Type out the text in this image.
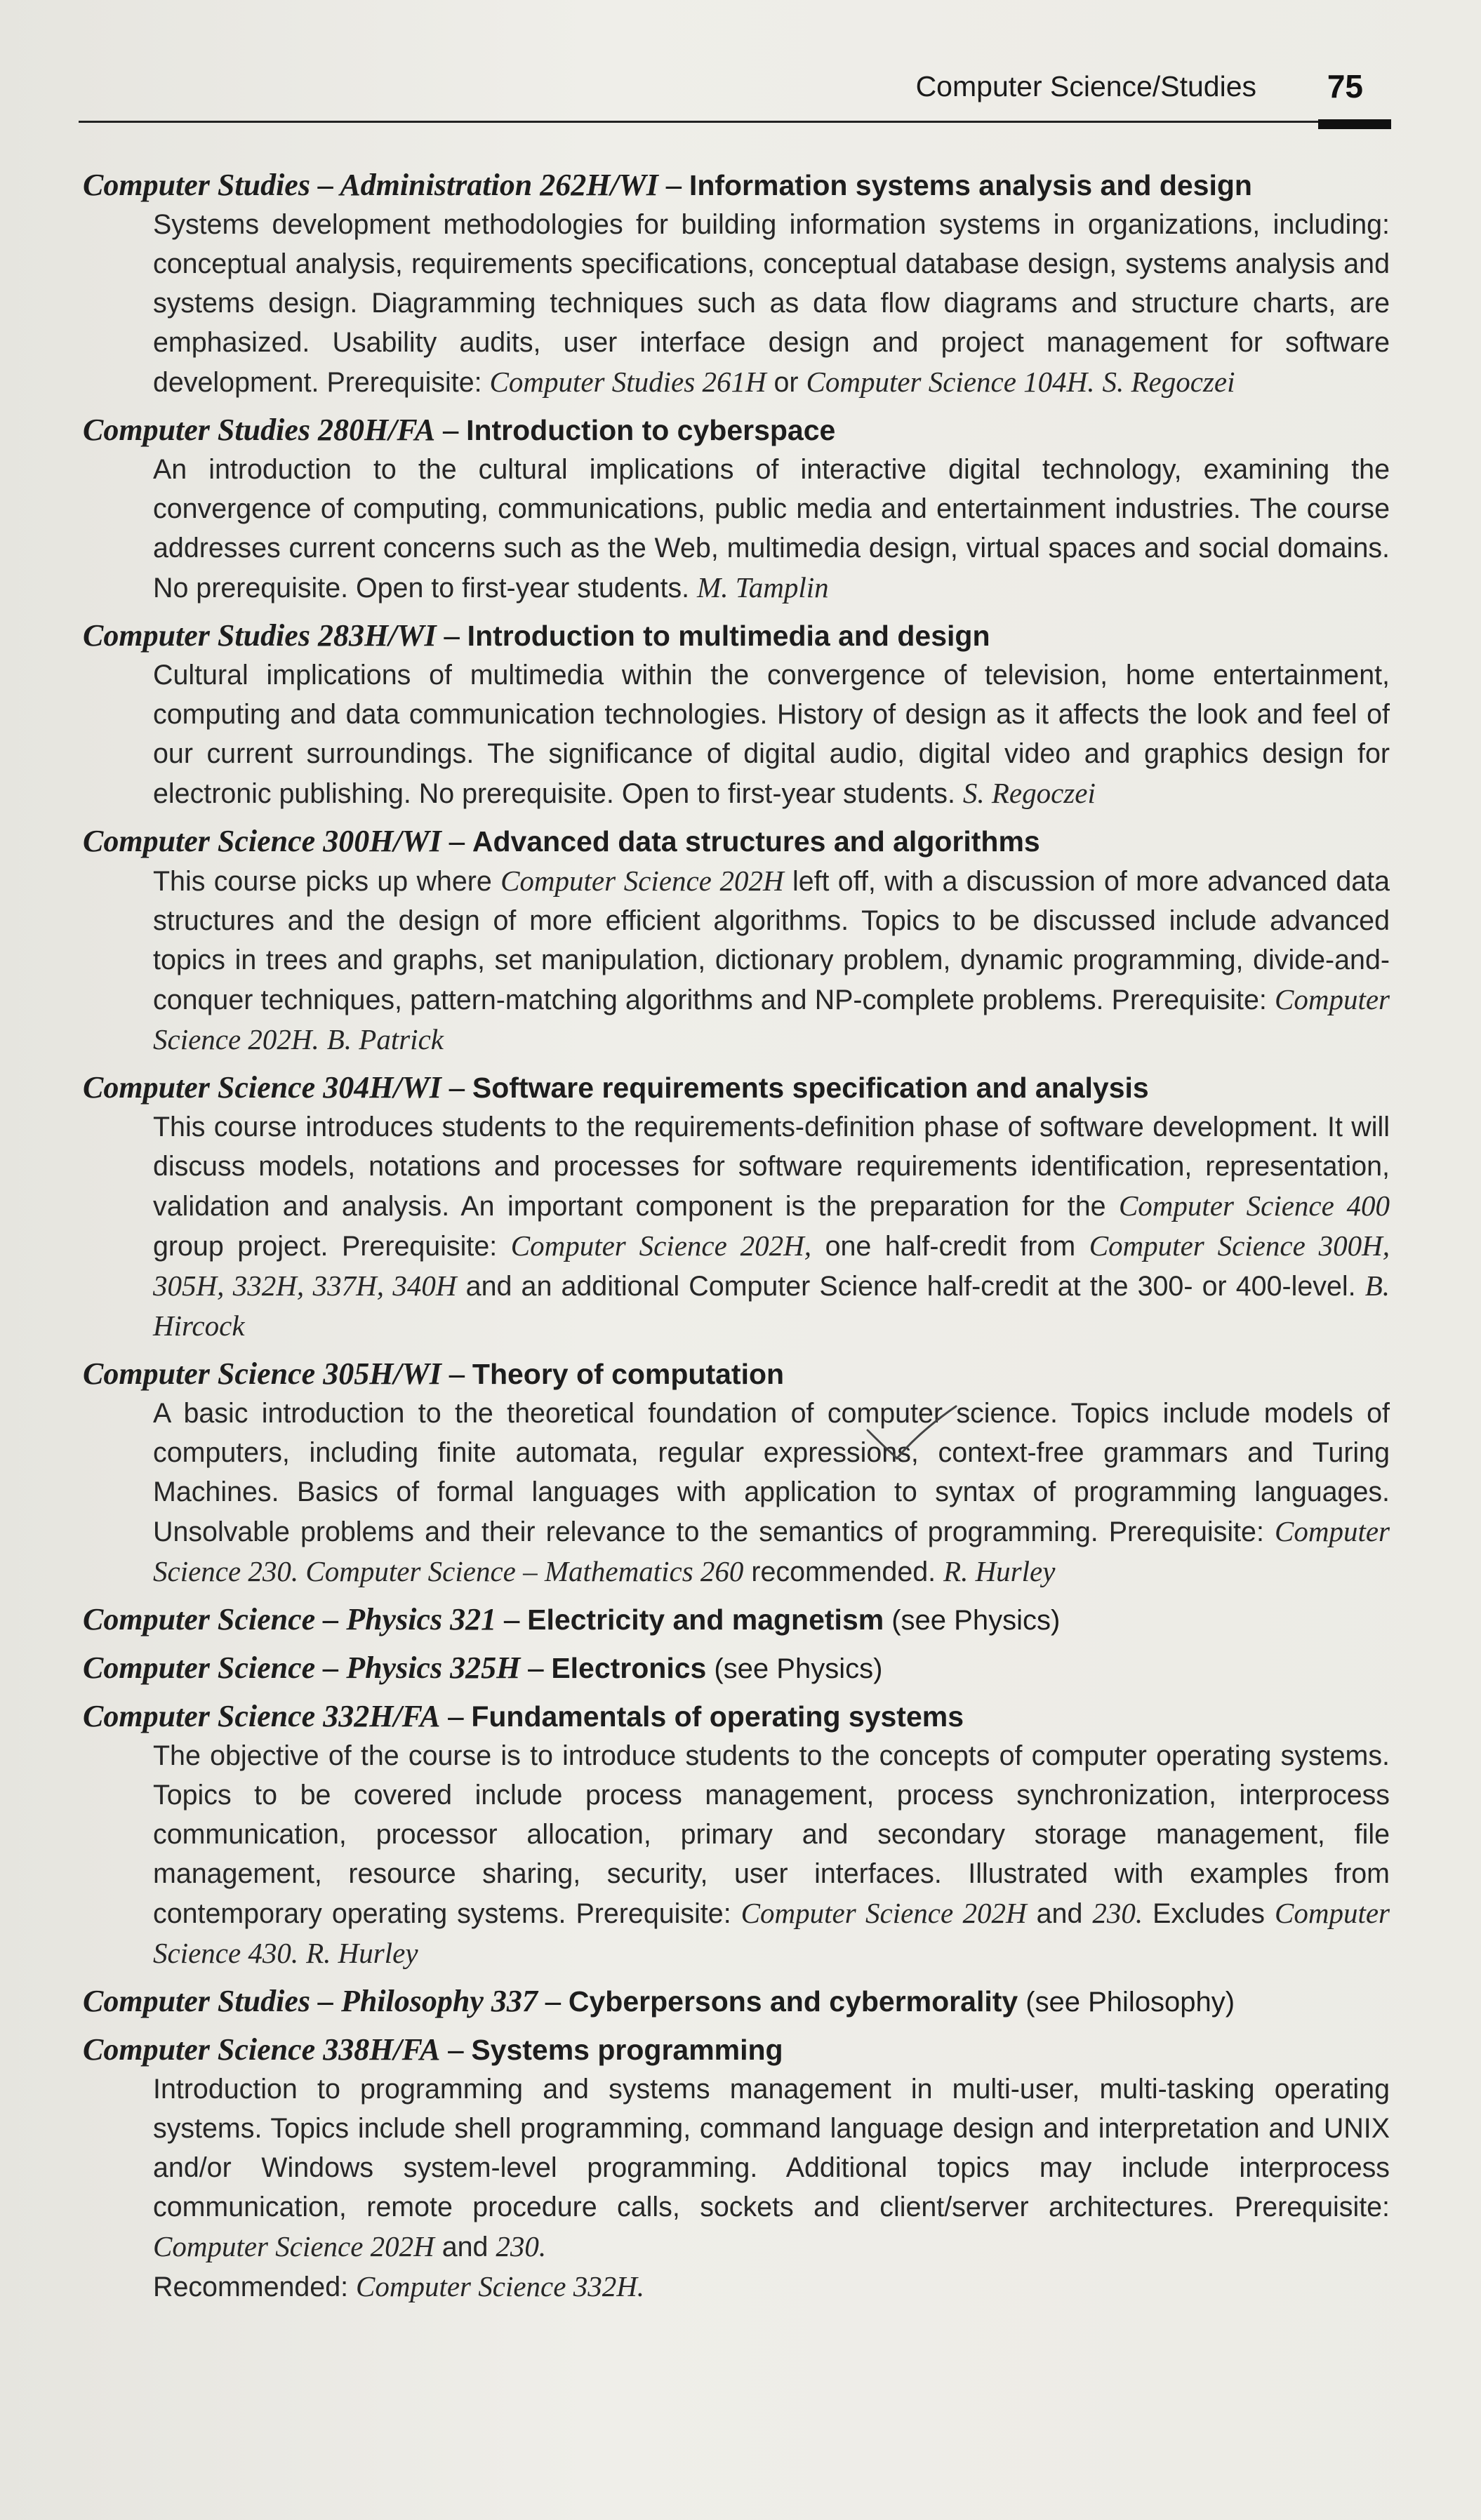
Computer Science/Studies 75
Computer Studies – Administration 262H/WI – Information systems analysis and design
Systems development methodologies for building information systems in organizations, including: conceptual analysis, requirements specifications, conceptual database design, systems analysis and systems design. Diagramming techniques such as data flow diagrams and structure charts, are emphasized. Usability audits, user interface design and project management for software development. Prerequisite: Computer Studies 261H or Computer Science 104H. S. Regoczei
Computer Studies 280H/FA – Introduction to cyberspace
An introduction to the cultural implications of interactive digital technology, examining the convergence of computing, communications, public media and entertainment industries. The course addresses current concerns such as the Web, multimedia design, virtual spaces and social domains. No prerequisite. Open to first-year students. M. Tamplin
Computer Studies 283H/WI – Introduction to multimedia and design
Cultural implications of multimedia within the convergence of television, home entertainment, computing and data communication technologies. History of design as it affects the look and feel of our current surroundings. The significance of digital audio, digital video and graphics design for electronic publishing. No prerequisite. Open to first-year students. S. Regoczei
Computer Science 300H/WI – Advanced data structures and algorithms
This course picks up where Computer Science 202H left off, with a discussion of more advanced data structures and the design of more efficient algorithms. Topics to be discussed include advanced topics in trees and graphs, set manipulation, dictionary problem, dynamic programming, divide-and-conquer techniques, pattern-matching algorithms and NP-complete problems. Prerequisite: Computer Science 202H. B. Patrick
Computer Science 304H/WI – Software requirements specification and analysis
This course introduces students to the requirements-definition phase of software development. It will discuss models, notations and processes for software requirements identification, representation, validation and analysis. An important component is the preparation for the Computer Science 400 group project. Prerequisite: Computer Science 202H, one half-credit from Computer Science 300H, 305H, 332H, 337H, 340H and an additional Computer Science half-credit at the 300- or 400-level. B. Hircock
Computer Science 305H/WI – Theory of computation
A basic introduction to the theoretical foundation of computer science. Topics include models of computers, including finite automata, regular expressions, context-free grammars and Turing Machines. Basics of formal languages with application to syntax of programming languages. Unsolvable problems and their relevance to the semantics of programming. Prerequisite: Computer Science 230. Computer Science – Mathematics 260 recommended. R. Hurley
Computer Science – Physics 321 – Electricity and magnetism (see Physics)
Computer Science – Physics 325H – Electronics (see Physics)
Computer Science 332H/FA – Fundamentals of operating systems
The objective of the course is to introduce students to the concepts of computer operating systems. Topics to be covered include process management, process synchronization, interprocess communication, processor allocation, primary and secondary storage management, file management, resource sharing, security, user interfaces. Illustrated with examples from contemporary operating systems. Prerequisite: Computer Science 202H and 230. Excludes Computer Science 430. R. Hurley
Computer Studies – Philosophy 337 – Cyberpersons and cybermorality (see Philosophy)
Computer Science 338H/FA – Systems programming
Introduction to programming and systems management in multi-user, multi-tasking operating systems. Topics include shell programming, command language design and interpretation and UNIX and/or Windows system-level programming. Additional topics may include interprocess communication, remote procedure calls, sockets and client/server architectures. Prerequisite: Computer Science 202H and 230.
Recommended: Computer Science 332H.
